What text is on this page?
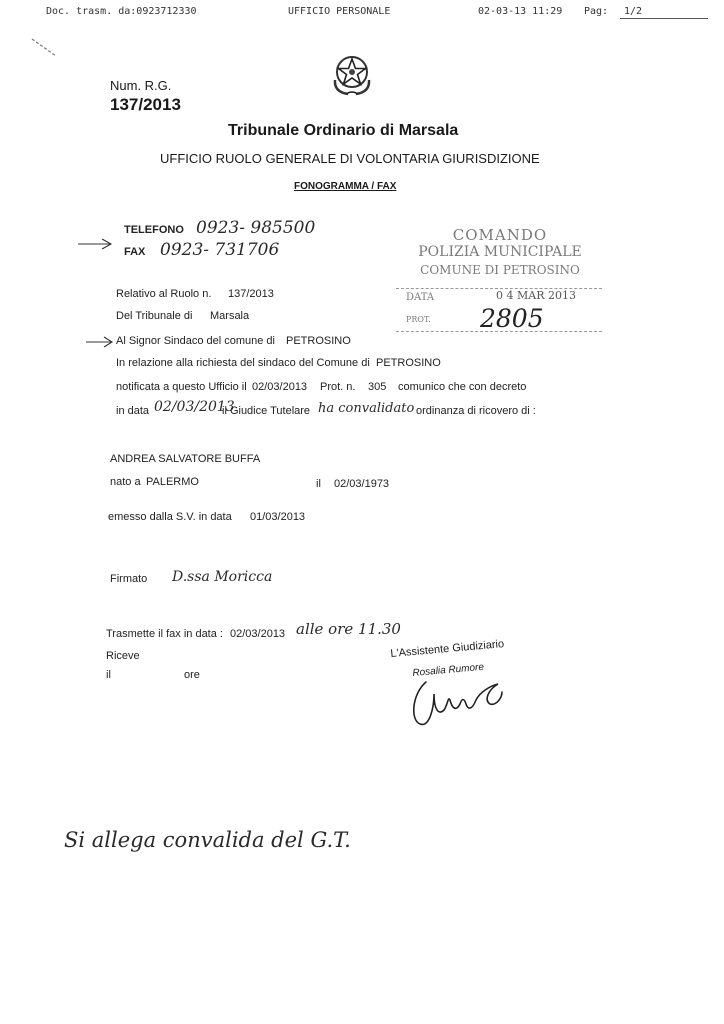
Doc. trasm. da:0923712330	UFFICIO PERSONALE	02-03-13 11:29 Pag: 1/2
Num. R.G.
137/2013
Tribunale Ordinario di Marsala
UFFICIO RUOLO GENERALE DI VOLONTARIA GIURISDIZIONE
FONOGRAMMA / FAX
TELEFONO 0923- 985500
FAX 0923- 731706
COMANDO
POLIZIA MUNICIPALE
COMUNE DI PETROSINO
DATA	0 4 MAR 2013
PROT. 2805
Relativo al Ruolo n. 137/2013
Del Tribunale di Marsala
Al Signor Sindaco del comune di PETROSINO
In relazione alla richiesta del sindaco del Comune di PETROSINO
notificata a questo Ufficio il 02/03/2013 Prot. n. 305 comunico che con decreto
in data 02/03/2013
il Giudice Tutelare ha convalidato ordinanza di ricovero di :
ANDREA SALVATORE BUFFA
nato a PALERMO	il 02/03/1973
emesso dalla S.V. in data 01/03/2013
Firmato D.ssa Moricca
Trasmette il fax in data : 02/03/2013 alle ore 11.30
Riceve
il	ore
L'Assistente Giudiziario
Rosalia Rumore
Si allega convalida del G.T.
